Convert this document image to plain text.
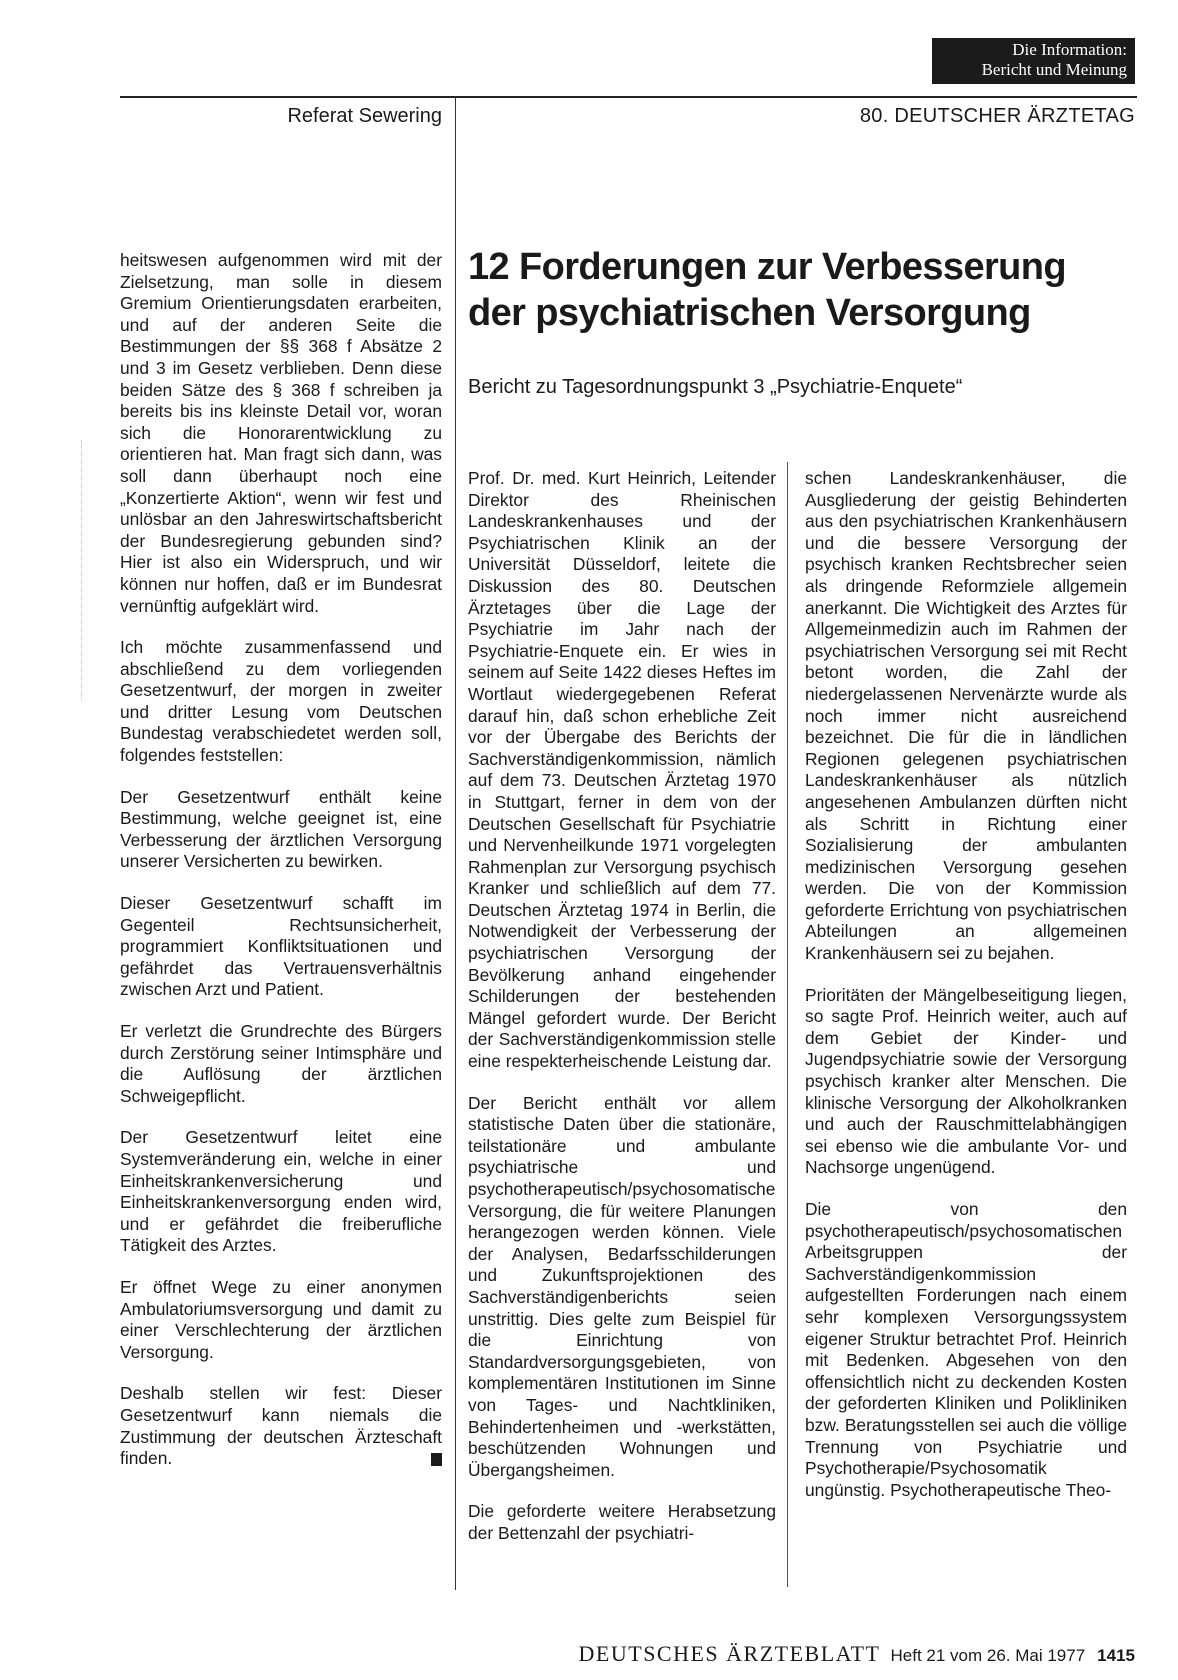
Die Information:
Bericht und Meinung
Referat Sewering	80. DEUTSCHER ÄRZTETAG
12 Forderungen zur Verbesserung
der psychiatrischen Versorgung
Bericht zu Tagesordnungspunkt 3 „Psychiatrie-Enquete“

heitswesen aufgenommen wird mit der Zielsetzung, man solle in diesem Gremium Orientierungsdaten erarbeiten, und auf der anderen Seite die Bestimmungen der §§ 368 f Absätze 2 und 3 im Gesetz verblieben. Denn diese beiden Sätze des § 368 f schreiben ja bereits bis ins kleinste Detail vor, woran sich die Honorarentwicklung zu orientieren hat. Man fragt sich dann, was soll dann überhaupt noch eine „Konzertierte Aktion“, wenn wir fest und unlösbar an den Jahreswirtschaftsbericht der Bundesregierung gebunden sind? Hier ist also ein Widerspruch, und wir können nur hoffen, daß er im Bundesrat vernünftig aufgeklärt wird.

Ich möchte zusammenfassend und abschließend zu dem vorliegenden Gesetzentwurf, der morgen in zweiter und dritter Lesung vom Deutschen Bundestag verabschiedetet werden soll, folgendes feststellen:

Der Gesetzentwurf enthält keine Bestimmung, welche geeignet ist, eine Verbesserung der ärztlichen Versorgung unserer Versicherten zu bewirken.

Dieser Gesetzentwurf schafft im Gegenteil Rechtsunsicherheit, programmiert Konfliktsituationen und gefährdet das Vertrauensverhältnis zwischen Arzt und Patient.

Er verletzt die Grundrechte des Bürgers durch Zerstörung seiner Intimsphäre und die Auflösung der ärztlichen Schweigepflicht.

Der Gesetzentwurf leitet eine Systemveränderung ein, welche in einer Einheitskrankenversicherung und Einheitskrankenversorgung enden wird, und er gefährdet die freiberufliche Tätigkeit des Arztes.

Er öffnet Wege zu einer anonymen Ambulatoriumsversorgung und damit zu einer Verschlechterung der ärztlichen Versorgung.

Deshalb stellen wir fest: Dieser Gesetzentwurf kann niemals die Zustimmung der deutschen Ärzteschaft finden.

Prof. Dr. med. Kurt Heinrich, Leitender Direktor des Rheinischen Landeskrankenhauses und der Psychiatrischen Klinik an der Universität Düsseldorf, leitete die Diskussion des 80. Deutschen Ärztetages über die Lage der Psychiatrie im Jahr nach der Psychiatrie-Enquete ein. Er wies in seinem auf Seite 1422 dieses Heftes im Wortlaut wiedergegebenen Referat darauf hin, daß schon erhebliche Zeit vor der Übergabe des Berichts der Sachverständigenkommission, nämlich auf dem 73. Deutschen Ärztetag 1970 in Stuttgart, ferner in dem von der Deutschen Gesellschaft für Psychiatrie und Nervenheilkunde 1971 vorgelegten Rahmenplan zur Versorgung psychisch Kranker und schließlich auf dem 77. Deutschen Ärztetag 1974 in Berlin, die Notwendigkeit der Verbesserung der psychiatrischen Versorgung der Bevölkerung anhand eingehender Schilderungen der bestehenden Mängel gefordert wurde. Der Bericht der Sachverständigenkommission stelle eine respekterheischende Leistung dar.

Der Bericht enthält vor allem statistische Daten über die stationäre, teilstationäre und ambulante psychiatrische und psychotherapeutisch/psychosomatische Versorgung, die für weitere Planungen herangezogen werden können. Viele der Analysen, Bedarfsschilderungen und Zukunftsprojektionen des Sachverständigenberichts seien unstrittig. Dies gelte zum Beispiel für die Einrichtung von Standardversorgungsgebieten, von komplementären Institutionen im Sinne von Tages- und Nachtkliniken, Behindertenheimen und -werkstätten, beschützenden Wohnungen und Übergangsheimen.

Die geforderte weitere Herabsetzung der Bettenzahl der psychiatri-

schen Landeskrankenhäuser, die Ausgliederung der geistig Behinderten aus den psychiatrischen Krankenhäusern und die bessere Versorgung der psychisch kranken Rechtsbrecher seien als dringende Reformziele allgemein anerkannt. Die Wichtigkeit des Arztes für Allgemeinmedizin auch im Rahmen der psychiatrischen Versorgung sei mit Recht betont worden, die Zahl der niedergelassenen Nervenärzte wurde als noch immer nicht ausreichend bezeichnet. Die für die in ländlichen Regionen gelegenen psychiatrischen Landeskrankenhäuser als nützlich angesehenen Ambulanzen dürften nicht als Schritt in Richtung einer Sozialisierung der ambulanten medizinischen Versorgung gesehen werden. Die von der Kommission geforderte Errichtung von psychiatrischen Abteilungen an allgemeinen Krankenhäusern sei zu bejahen.

Prioritäten der Mängelbeseitigung liegen, so sagte Prof. Heinrich weiter, auch auf dem Gebiet der Kinder- und Jugendpsychiatrie sowie der Versorgung psychisch kranker alter Menschen. Die klinische Versorgung der Alkoholkranken und auch der Rauschmittelabhängigen sei ebenso wie die ambulante Vor- und Nachsorge ungenügend.

Die von den psychotherapeutisch/psychosomatischen Arbeitsgruppen der Sachverständigenkommission aufgestellten Forderungen nach einem sehr komplexen Versorgungssystem eigener Struktur betrachtet Prof. Heinrich mit Bedenken. Abgesehen von den offensichtlich nicht zu deckenden Kosten der geforderten Kliniken und Polikliniken bzw. Beratungsstellen sei auch die völlige Trennung von Psychiatrie und Psychotherapie/Psychosomatik ungünstig. Psychotherapeutische Theo-

DEUTSCHES ÄRZTEBLATT Heft 21 vom 26. Mai 1977 1415
